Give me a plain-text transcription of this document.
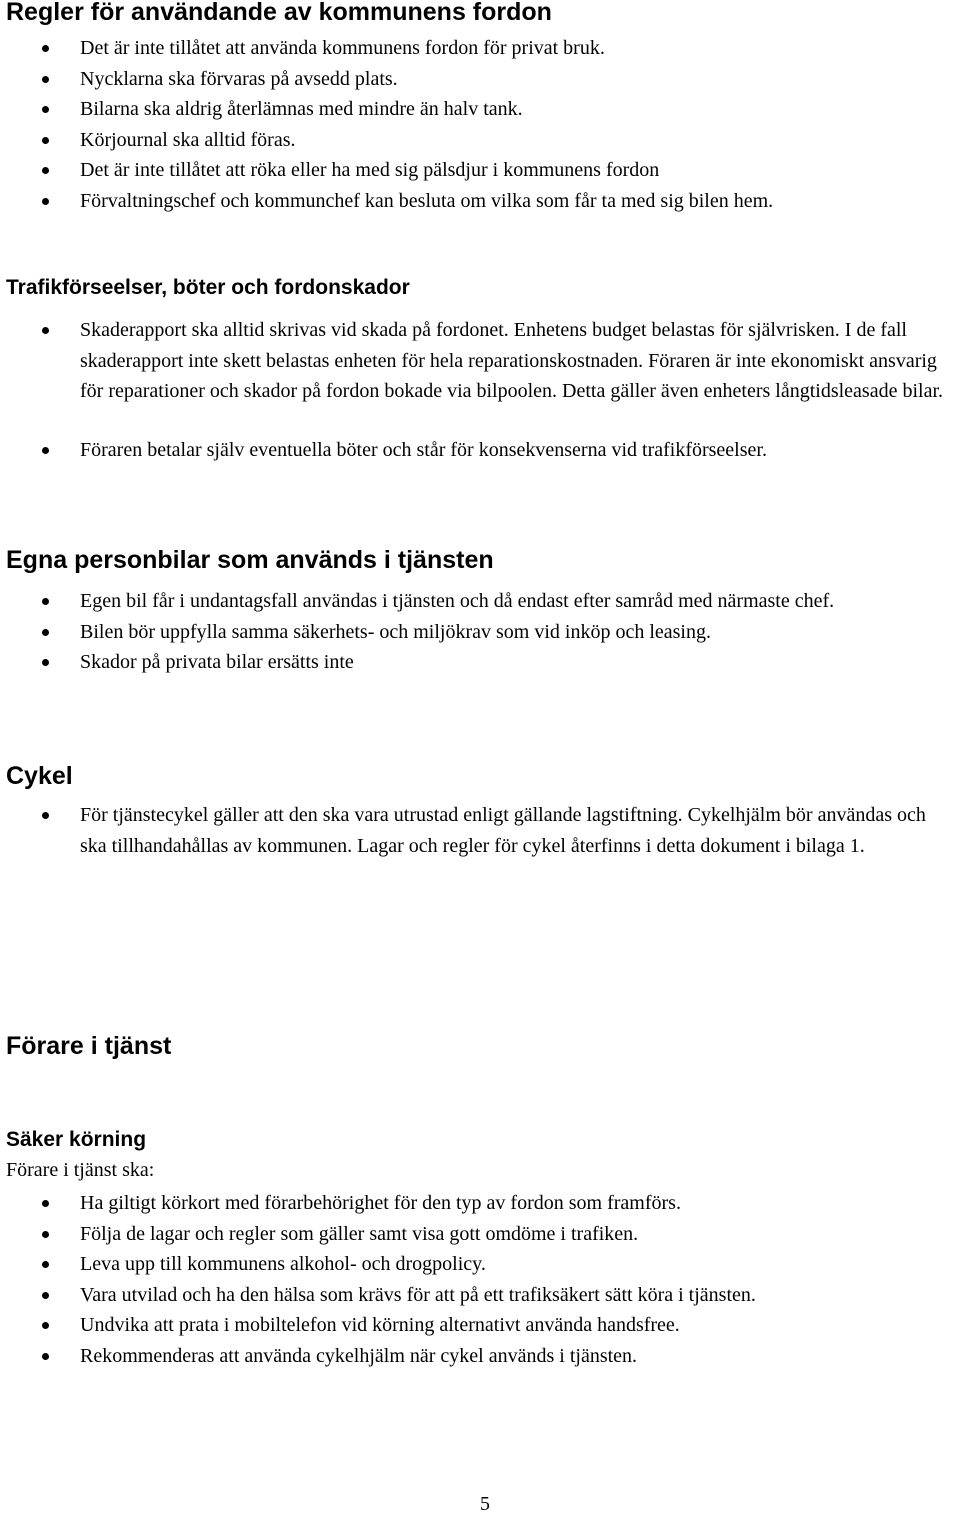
Regler för användande av kommunens fordon
Det är inte tillåtet att använda kommunens fordon för privat bruk.
Nycklarna ska förvaras på avsedd plats.
Bilarna ska aldrig återlämnas med mindre än halv tank.
Körjournal ska alltid föras.
Det är inte tillåtet att röka eller ha med sig pälsdjur i kommunens fordon
Förvaltningschef och kommunchef kan besluta om vilka som får ta med sig bilen hem.
Trafikförseelser, böter och fordonskador
Skaderapport ska alltid skrivas vid skada på fordonet. Enhetens budget belastas för självrisken. I de fall skaderapport inte skett belastas enheten för hela reparationskostnaden. Föraren är inte ekonomiskt ansvarig för reparationer och skador på fordon bokade via bilpoolen. Detta gäller även enheters långtidsleasade bilar.
Föraren betalar själv eventuella böter och står för konsekvenserna vid trafikförseelser.
Egna personbilar som används i tjänsten
Egen bil får i undantagsfall användas i tjänsten och då endast efter samråd med närmaste chef.
Bilen bör uppfylla samma säkerhets- och miljökrav som vid inköp och leasing.
Skador på privata bilar ersätts inte
Cykel
För tjänstecykel gäller att den ska vara utrustad enligt gällande lagstiftning. Cykelhjälm bör användas och ska tillhandahållas av kommunen. Lagar och regler för cykel återfinns i detta dokument i bilaga 1.
Förare i tjänst
Säker körning
Förare i tjänst ska:
Ha giltigt körkort med förarbehörighet för den typ av fordon som framförs.
Följa de lagar och regler som gäller samt visa gott omdöme i trafiken.
Leva upp till kommunens alkohol- och drogpolicy.
Vara utvilad och ha den hälsa som krävs för att på ett trafiksäkert sätt köra i tjänsten.
Undvika att prata i mobiltelefon vid körning alternativt använda handsfree.
Rekommenderas att använda cykelhjälm när cykel används i tjänsten.
5
